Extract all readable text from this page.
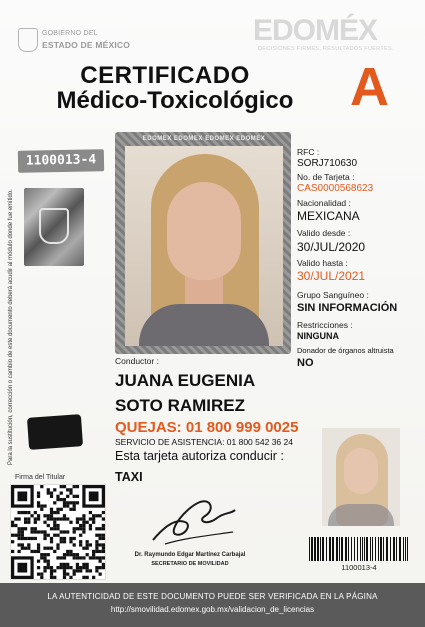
GOBIERNO DEL
ESTADO DE MÉXICO	EDOMÉX
DECISIONES FIRMES, RESULTADOS FUERTES.
CERTIFICADO
Médico-Toxicológico	A
Para la sustitución, corrección o cambio de este documento deberá acudir al módulo donde fue emitido.
1100013-4
EDOMEX EDOMEX EDOMEX EDOMEX
RFC :
SORJ710630
No. de Tarjeta :
CAS0000568623
Nacionalidad :
MEXICANA
Valido desde :
30/JUL/2020
Valido hasta :
30/JUL/2021
Grupo Sanguíneo :
SIN INFORMACIÓN
Restricciones :
NINGUNA
Donador de órganos altruista
NO
Conductor :
JUANA EUGENIA
SOTO RAMIREZ
QUEJAS: 01 800 999 0025
SERVICIO DE ASISTENCIA: 01 800 542 36 24
Esta tarjeta autoriza conducir :
TAXI
Firma del Titular
Dr. Raymundo Edgar Martínez Carbajal
SECRETARIO DE MOVILIDAD	1100013-4
LA AUTENTICIDAD DE ESTE DOCUMENTO PUEDE SER VERIFICADA EN LA PÁGINA
http://smovilidad.edomex.gob.mx/validacion_de_licencias
